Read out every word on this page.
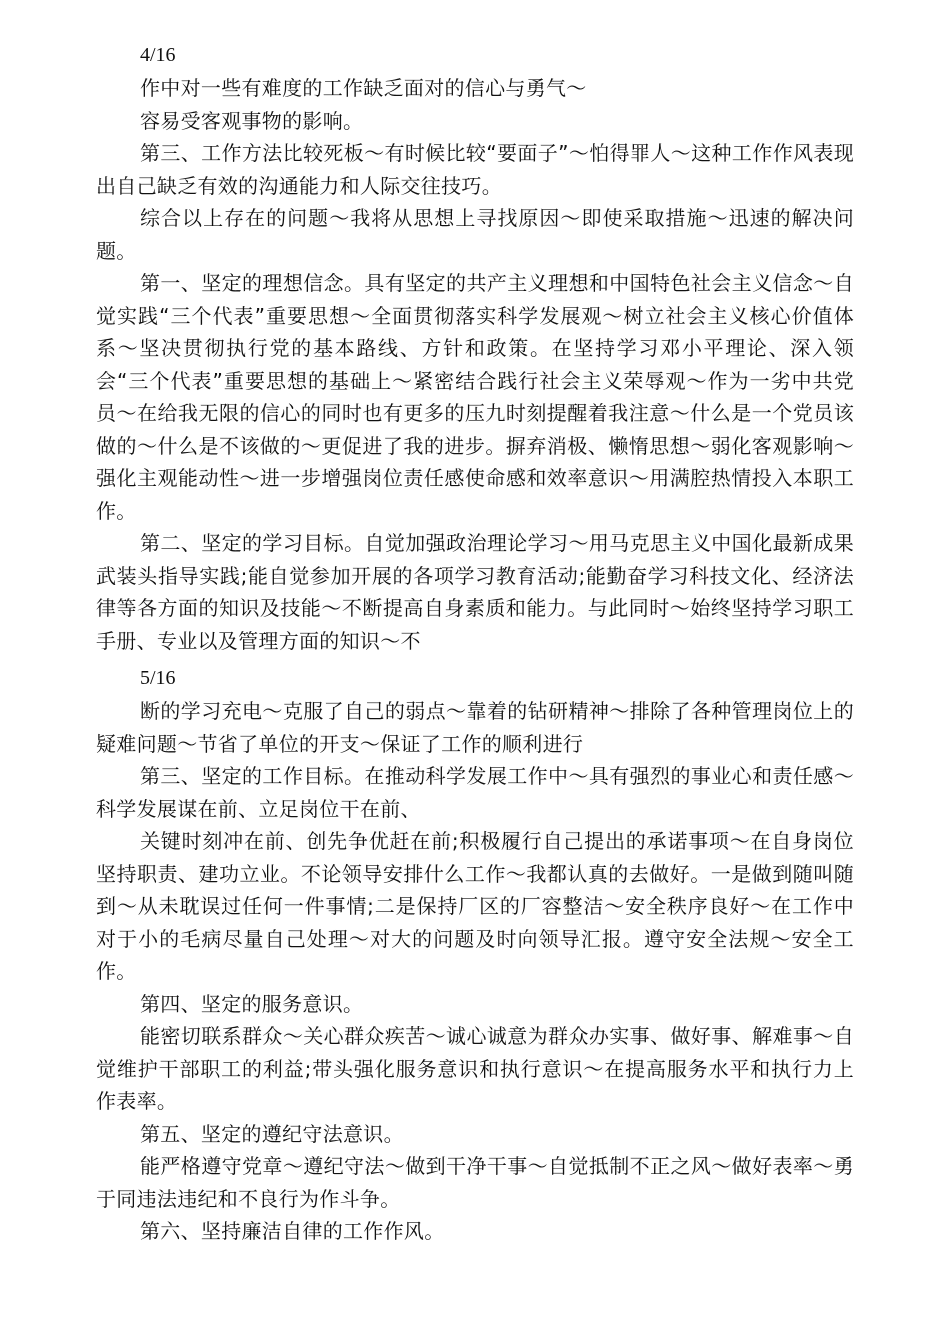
4/16

作中对一些有难度的工作缺乏面对的信心与勇气〜

容易受客观事物的影响。

第三、工作方法比较死板〜有时候比较“要面子”〜怕得罪人〜这种工作作风表现出自己缺乏有效的沟通能力和人际交往技巧。

综合以上存在的问题〜我将从思想上寻找原因〜即使采取措施〜迅速的解决问题。

第一、坚定的理想信念。具有坚定的共产主义理想和中国特色社会主义信念〜自觉实践“三个代表”重要思想〜全面贯彻落实科学发展观〜树立社会主义核心价值体系〜坚决贯彻执行党的基本路线、方针和政策。在坚持学习邓小平理论、深入领会“三个代表”重要思想的基础上〜紧密结合践行社会主义荣辱观〜作为一劣中共党员〜在给我无限的信心的同时也有更多的压九时刻提醒着我注意〜什么是一个党员该做的〜什么是不该做的〜更促进了我的进步。摒弃消极、懒惰思想〜弱化客观影响〜强化主观能动性〜进一步增强岗位责任感使命感和效率意识〜用满腔热情投入本职工作。

第二、坚定的学习目标。自觉加强政治理论学习〜用马克思主义中国化最新成果武装头指导实践;能自觉参加开展的各项学习教育活动;能勤奋学习科技文化、经济法律等各方面的知识及技能〜不断提高自身素质和能力。与此同时〜始终坚持学习职工手册、专业以及管理方面的知识〜不

5/16

断的学习充电〜克服了自己的弱点〜靠着的钻研精神〜排除了各种管理岗位上的疑难问题〜节省了单位的开支〜保证了工作的顺利进行

第三、坚定的工作目标。在推动科学发展工作中〜具有强烈的事业心和责任感〜科学发展谋在前、立足岗位干在前、

关键时刻冲在前、创先争优赶在前;积极履行自己提出的承诺事项〜在自身岗位坚持职责、建功立业。不论领导安排什么工作〜我都认真的去做好。一是做到随叫随到〜从未耽误过任何一件事情;二是保持厂区的厂容整洁〜安全秩序良好〜在工作中对于小的毛病尽量自己处理〜对大的问题及时向领导汇报。遵守安全法规〜安全工作。

第四、坚定的服务意识。

能密切联系群众〜关心群众疾苦〜诚心诚意为群众办实事、做好事、解难事〜自觉维护干部职工的利益;带头强化服务意识和执行意识〜在提高服务水平和执行力上作表率。

第五、坚定的遵纪守法意识。

能严格遵守党章〜遵纪守法〜做到干净干事〜自觉抵制不正之风〜做好表率〜勇于同违法违纪和不良行为作斗争。

第六、坚持廉洁自律的工作作风。
